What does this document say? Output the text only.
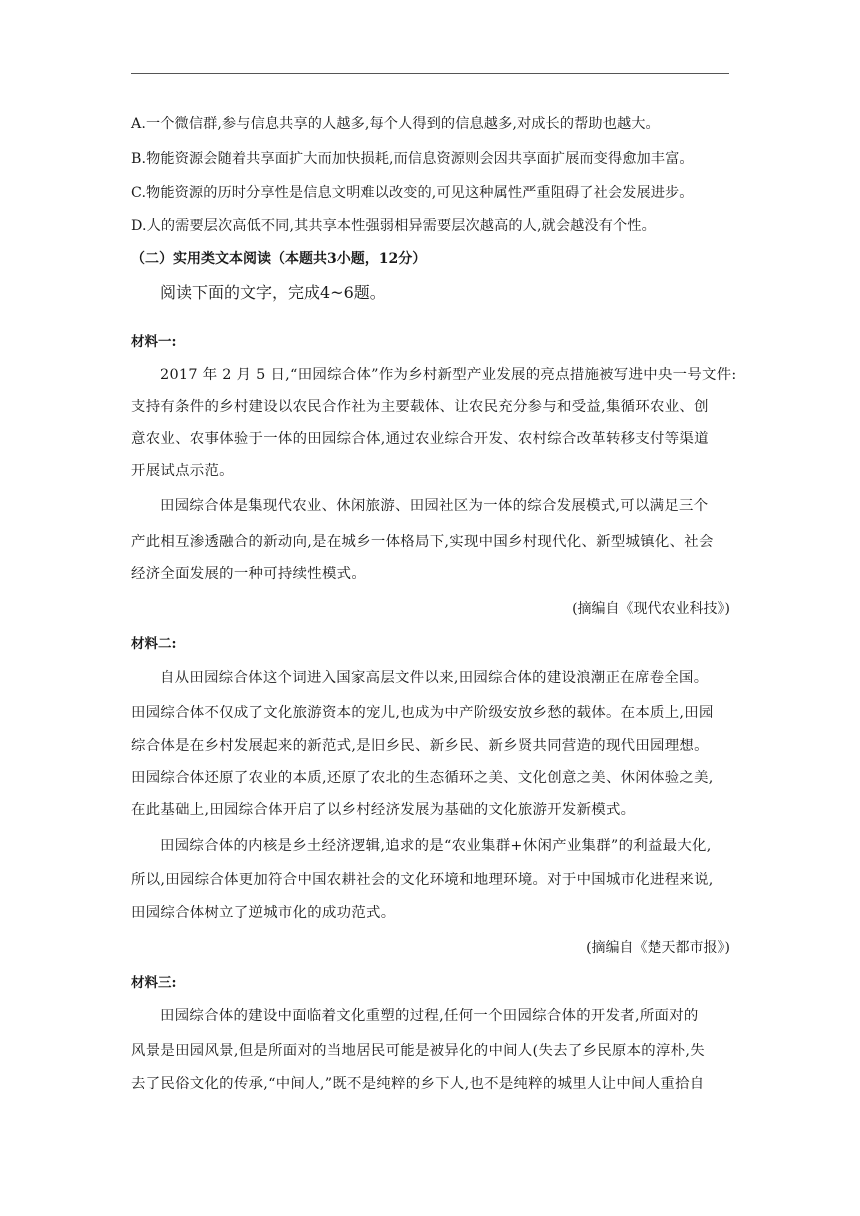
A.一个微信群,参与信息共享的人越多,每个人得到的信息越多,对成长的帮助也越大。
B.物能资源会随着共享面扩大而加快损耗,而信息资源则会因共享面扩展而变得愈加丰富。
C.物能资源的历时分享性是信息文明难以改变的,可见这种属性严重阻碍了社会发展进步。
D.人的需要层次高低不同,其共享本性强弱相异需要层次越高的人,就会越没有个性。
（二）实用类文本阅读（本题共3小题，12分）
阅读下面的文字，完成4~6题。
材料一:
2017 年 2 月 5 日,“田园综合体”作为乡村新型产业发展的亮点措施被写进中央一号文件:
支持有条件的乡村建设以农民合作社为主要载体、让农民充分参与和受益,集循环农业、创
意农业、农事体验于一体的田园综合体,通过农业综合开发、农村综合改革转移支付等渠道
开展试点示范。
田园综合体是集现代农业、休闲旅游、田园社区为一体的综合发展模式,可以满足三个
产此相互渗透融合的新动向,是在城乡一体格局下,实现中国乡村现代化、新型城镇化、社会
经济全面发展的一种可持续性模式。
(摘编自《现代农业科技》)
材料二:
自从田园综合体这个词进入国家高层文件以来,田园综合体的建设浪潮正在席卷全国。
田园综合体不仅成了文化旅游资本的宠儿,也成为中产阶级安放乡愁的载体。在本质上,田园
综合体是在乡村发展起来的新范式,是旧乡民、新乡民、新乡贤共同营造的现代田园理想。
田园综合体还原了农业的本质,还原了农北的生态循环之美、文化创意之美、休闲体验之美,
在此基础上,田园综合体开启了以乡村经济发展为基础的文化旅游开发新模式。
田园综合体的内核是乡土经济逻辑,追求的是“农业集群+休闲产业集群”的利益最大化,
所以,田园综合体更加符合中国农耕社会的文化环境和地理环境。对于中国城市化进程来说,
田园综合体树立了逆城市化的成功范式。
(摘编自《楚天都市报》)
材料三:
田园综合体的建设中面临着文化重塑的过程,任何一个田园综合体的开发者,所面对的
风景是田园风景,但是所面对的当地居民可能是被异化的中间人(失去了乡民原本的淳朴,失
去了民俗文化的传承,“中间人,”既不是纯粹的乡下人,也不是纯粹的城里人让中间人重拾自
